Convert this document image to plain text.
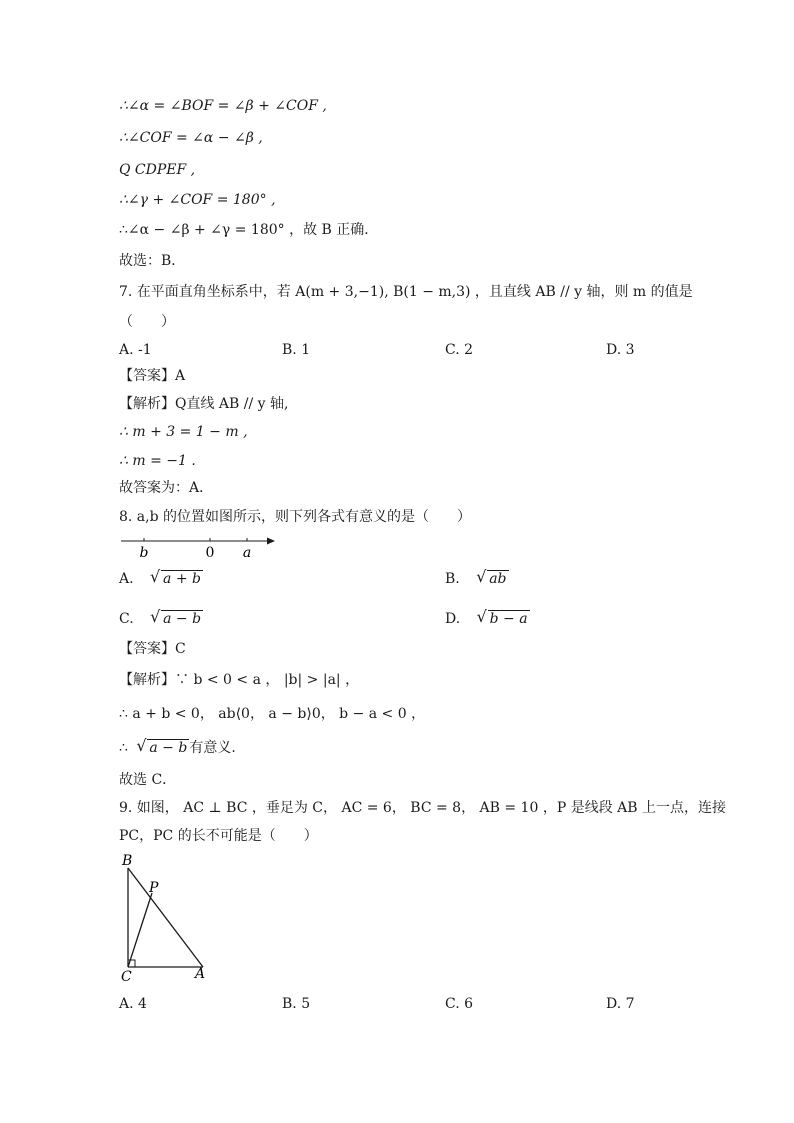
∴∠α = ∠BOF = ∠β + ∠COF ,
∴∠COF = ∠α − ∠β ,
Q CDPEF ,
∴∠γ + ∠COF = 180° ,
∴∠α − ∠β + ∠γ = 180° ，故 B 正确．
故选：B．
7. 在平面直角坐标系中，若 A(m + 3,−1), B(1 − m,3) ，且直线 AB // y 轴，则 m 的值是
（　　）
A. -1	B. 1	C. 2	D. 3
【答案】A
【解析】Q直线 AB // y 轴,
∴ m + 3 = 1 − m ,
∴ m = −1 .
故答案为：A．
8. a,b 的位置如图所示，则下列各式有意义的是（　　）
b	0 a
A. √ a + b	B. √ ab
C. √ a − b	D. √ b − a
【答案】C
【解析】∵ b < 0 < a ， |b| > |a| ，
∴ a + b < 0， ab⟨0， a − b⟩0， b − a < 0 ，
∴ √ a − b 有意义.
故选 C．
9. 如图， AC ⊥ BC ，垂足为 C， AC = 6， BC = 8， AB = 10 ，P 是线段 AB 上一点，连接
PC，PC 的长不可能是（　　）
B
P
C	A
A. 4	B. 5	C. 6	D. 7
